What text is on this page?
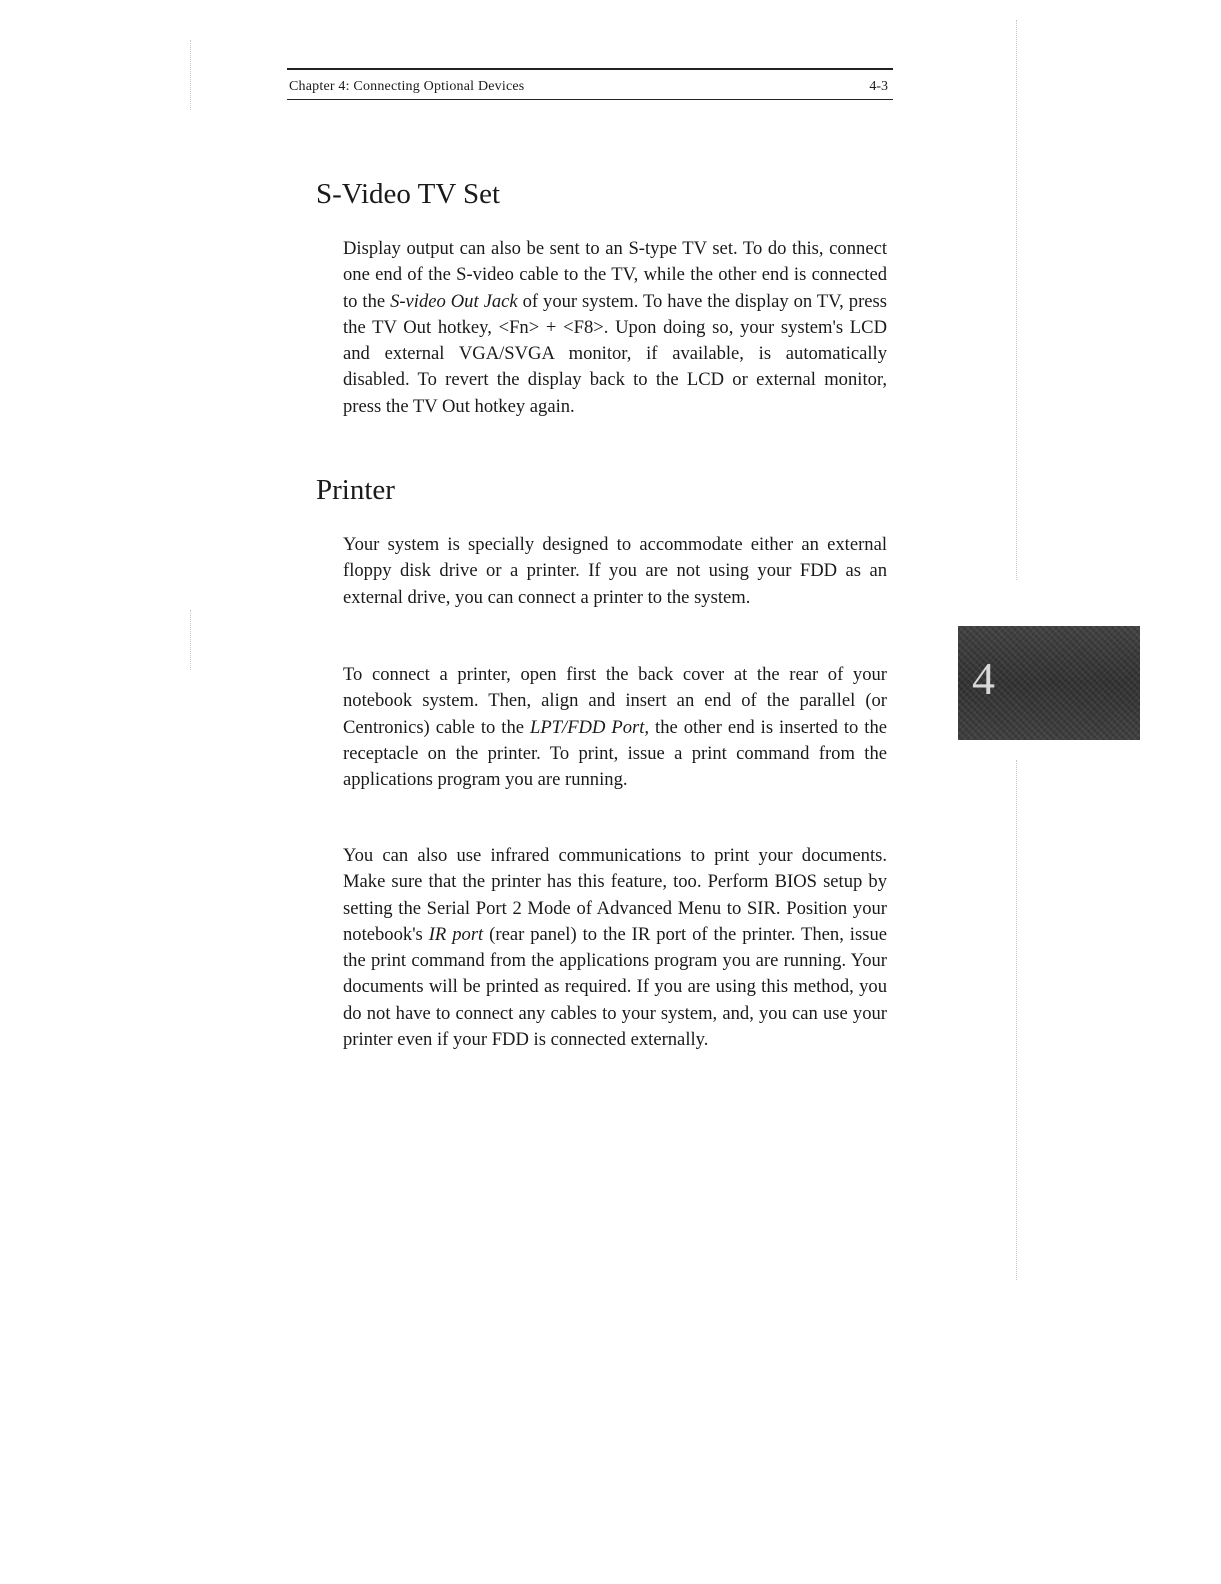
Chapter 4: Connecting Optional Devices	4-3
S-Video TV Set

Display output can also be sent to an S-type TV set. To do this, connect one end of the S-video cable to the TV, while the other end is connected to the S-video Out Jack of your system. To have the display on TV, press the TV Out hotkey, <Fn> + <F8>. Upon doing so, your system's LCD and external VGA/SVGA monitor, if available, is automatically disabled. To revert the display back to the LCD or external monitor, press the TV Out hotkey again.

Printer

Your system is specially designed to accommodate either an external floppy disk drive or a printer. If you are not using your FDD as an external drive, you can connect a printer to the system.

To connect a printer, open first the back cover at the rear of your notebook system. Then, align and insert an end of the parallel (or Centronics) cable to the LPT/FDD Port, the other end is inserted to the receptacle on the printer. To print, issue a print command from the applications program you are running.

You can also use infrared communications to print your documents. Make sure that the printer has this feature, too. Perform BIOS setup by setting the Serial Port 2 Mode of Advanced Menu to SIR. Position your notebook's IR port (rear panel) to the IR port of the printer. Then, issue the print command from the applications program you are running. Your documents will be printed as required. If you are using this method, you do not have to connect any cables to your system, and, you can use your printer even if your FDD is connected externally.

4
